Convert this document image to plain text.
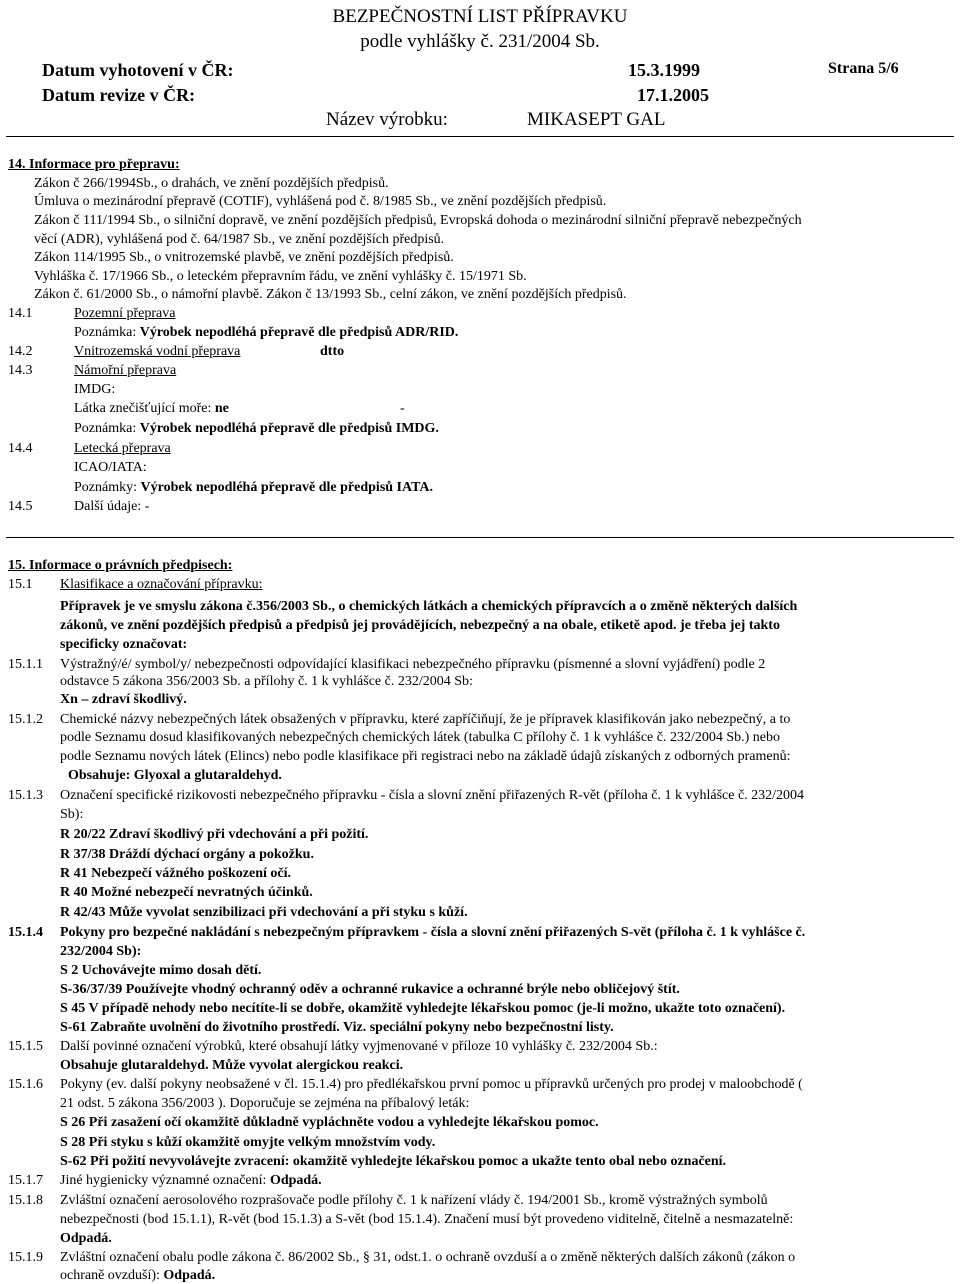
BEZPEČNOSTNÍ LIST PŘÍPRAVKU
podle vyhlášky č. 231/2004 Sb.
Datum vyhotovení v ČR:	15.3.1999	Strana 5/6
Datum revize v ČR:	17.1.2005
Název výrobku:	MIKASEPT GAL
14. Informace pro přepravu:
Zákon č 266/1994Sb., o drahách, ve znění pozdějších předpisů.
Úmluva o mezinárodní přepravě (COTIF), vyhlášená pod č. 8/1985 Sb., ve znění pozdějších předpisů.
Zákon č 111/1994 Sb., o silniční dopravě, ve znění pozdějších předpisů, Evropská dohoda o mezinárodní silniční přepravě nebezpečných
věcí (ADR), vyhlášená pod č. 64/1987 Sb., ve znění pozdějších předpisů.
Zákon 114/1995 Sb., o vnitrozemské plavbě, ve znění pozdějších předpisů.
Vyhláška č. 17/1966 Sb., o leteckém přepravním řádu, ve znění vyhlášky č. 15/1971 Sb.
Zákon č. 61/2000 Sb., o námořní plavbě. Zákon č 13/1993 Sb., celní zákon, ve znění pozdějších předpisů.
14.1	Pozemní přeprava
Poznámka: Výrobek nepodléhá přepravě dle předpisů ADR/RID.
14.2	Vnitrozemská vodní přeprava	dtto
14.3	Námořní přeprava
IMDG:
Látka znečišťující moře: ne	-
Poznámka: Výrobek nepodléhá přepravě dle předpisů IMDG.
14.4	Letecká přeprava
ICAO/IATA:
Poznámky: Výrobek nepodléhá přepravě dle předpisů IATA.
14.5	Další údaje: -
15. Informace o právních předpisech:
15.1 Klasifikace a označování přípravku:
Přípravek je ve smyslu zákona č.356/2003 Sb., o chemických látkách a chemických přípravcích a o změně některých dalších
zákonů, ve znění pozdějších předpisů a předpisů jej provádějících, nebezpečný a na obale, etiketě apod. je třeba jej takto
specificky označovat:
15.1.1 Výstražný/é/ symbol/y/ nebezpečnosti odpovídající klasifikaci nebezpečného přípravku (písmenné a slovní vyjádření) podle 2
odstavce 5 zákona 356/2003 Sb. a přílohy č. 1 k vyhlášce č. 232/2004 Sb:
Xn – zdraví škodlivý.
15.1.2 Chemické názvy nebezpečných látek obsažených v přípravku, které zapříčiňují, že je přípravek klasifikován jako nebezpečný, a to
podle Seznamu dosud klasifikovaných nebezpečných chemických látek (tabulka C přílohy č. 1 k vyhlášce č. 232/2004 Sb.) nebo
podle Seznamu nových látek (Elincs) nebo podle klasifikace při registraci nebo na základě údajů získaných z odborných pramenů:
Obsahuje: Glyoxal a glutaraldehyd.
15.1.3 Označení specifické rizikovosti nebezpečného přípravku - čísla a slovní znění přiřazených R-vět (příloha č. 1 k vyhlášce č. 232/2004
Sb):
R 20/22 Zdraví škodlivý při vdechování a při požití.
R 37/38 Dráždí dýchací orgány a pokožku.
R 41 Nebezpečí vážného poškození očí.
R 40 Možné nebezpečí nevratných účinků.
R 42/43 Může vyvolat senzibilizaci při vdechování a při styku s kůží.
15.1.4 Pokyny pro bezpečné nakládání s nebezpečným přípravkem - čísla a slovní znění přiřazených S-vět (příloha č. 1 k vyhlášce č.
232/2004 Sb):
S 2 Uchovávejte mimo dosah dětí.
S-36/37/39 Používejte vhodný ochranný oděv a ochranné rukavice a ochranné brýle nebo obličejový štít.
S 45 V případě nehody nebo necítíte-li se dobře, okamžitě vyhledejte lékařskou pomoc (je-li možno, ukažte toto označení).
S-61 Zabraňte uvolnění do životního prostředí. Viz. speciální pokyny nebo bezpečnostní listy.
15.1.5 Další povinné označení výrobků, které obsahují látky vyjmenované v příloze 10 vyhlášky č. 232/2004 Sb.:
Obsahuje glutaraldehyd. Může vyvolat alergickou reakci.
15.1.6 Pokyny (ev. další pokyny neobsažené v čl. 15.1.4) pro předlékařskou první pomoc u přípravků určených pro prodej v maloobchodě (
21 odst. 5 zákona 356/2003 ). Doporučuje se zejména na příbalový leták:
S 26 Při zasažení očí okamžitě důkladně vypláchněte vodou a vyhledejte lékařskou pomoc.
S 28 Při styku s kůží okamžitě omyjte velkým množstvím vody.
S-62 Při požití nevyvolávejte zvracení: okamžitě vyhledejte lékařskou pomoc a ukažte tento obal nebo označení.
15.1.7 Jiné hygienicky významné označení: Odpadá.
15.1.8 Zvláštní označení aerosolového rozprašovače podle přílohy č. 1 k nařízení vlády č. 194/2001 Sb., kromě výstražných symbolů
nebezpečnosti (bod 15.1.1), R-vět (bod 15.1.3) a S-vět (bod 15.1.4). Značení musí být provedeno viditelně, čitelně a nesmazatelně:
Odpadá.
15.1.9 Zvláštní označení obalu podle zákona č. 86/2002 Sb., § 31, odst.1. o ochraně ovzduší a o změně některých dalších zákonů (zákon o
ochraně ovzduší): Odpadá.
